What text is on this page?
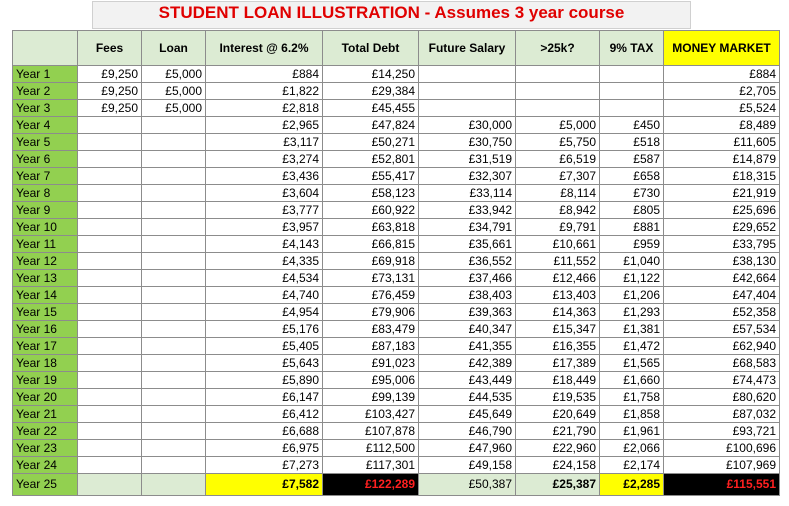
STUDENT LOAN ILLUSTRATION - Assumes 3 year course
	Fees	Loan	Interest @ 6.2%	Total Debt	Future Salary	>25k?	9% TAX	MONEY MARKET
Year 1	£9,250	£5,000	£884	£14,250				£884
Year 2	£9,250	£5,000	£1,822	£29,384				£2,705
Year 3	£9,250	£5,000	£2,818	£45,455				£5,524
Year 4			£2,965	£47,824	£30,000	£5,000	£450	£8,489
Year 5			£3,117	£50,271	£30,750	£5,750	£518	£11,605
Year 6			£3,274	£52,801	£31,519	£6,519	£587	£14,879
Year 7			£3,436	£55,417	£32,307	£7,307	£658	£18,315
Year 8			£3,604	£58,123	£33,114	£8,114	£730	£21,919
Year 9			£3,777	£60,922	£33,942	£8,942	£805	£25,696
Year 10			£3,957	£63,818	£34,791	£9,791	£881	£29,652
Year 11			£4,143	£66,815	£35,661	£10,661	£959	£33,795
Year 12			£4,335	£69,918	£36,552	£11,552	£1,040	£38,130
Year 13			£4,534	£73,131	£37,466	£12,466	£1,122	£42,664
Year 14			£4,740	£76,459	£38,403	£13,403	£1,206	£47,404
Year 15			£4,954	£79,906	£39,363	£14,363	£1,293	£52,358
Year 16			£5,176	£83,479	£40,347	£15,347	£1,381	£57,534
Year 17			£5,405	£87,183	£41,355	£16,355	£1,472	£62,940
Year 18			£5,643	£91,023	£42,389	£17,389	£1,565	£68,583
Year 19			£5,890	£95,006	£43,449	£18,449	£1,660	£74,473
Year 20			£6,147	£99,139	£44,535	£19,535	£1,758	£80,620
Year 21			£6,412	£103,427	£45,649	£20,649	£1,858	£87,032
Year 22			£6,688	£107,878	£46,790	£21,790	£1,961	£93,721
Year 23			£6,975	£112,500	£47,960	£22,960	£2,066	£100,696
Year 24			£7,273	£117,301	£49,158	£24,158	£2,174	£107,969
Year 25			£7,582	£122,289	£50,387	£25,387	£2,285	£115,551
